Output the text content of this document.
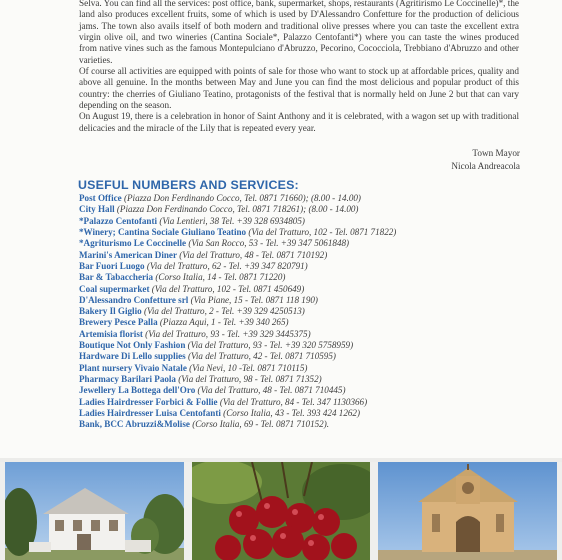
Selva. You can find all the services: post office, bank, supermarket, shops, restaurants (Agritirismo Le Coccinelle)*, the land also produces excellent fruits, some of which is used by D'Alessandro Confetture for the production of delicious jams. The town also avails itself of both modern and traditional olive presses where you can taste the excellent extra virgin olive oil, and two wineries (Cantina Sociale*, Palazzo Centofanti*) where you can taste the wines produced from native vines such as the famous Montepulciano d'Abruzzo, Pecorino, Cococciola, Trebbiano d'Abruzzo and other varieties.

Of course all activities are equipped with points of sale for those who want to stock up at affordable prices, quality and above all genuine. In the months between May and June you can find the most delicious and popular product of this country: the cherries of Giuliano Teatino, protagonists of the festival that is normally held on June 2 but that can vary depending on the season.

On August 19, there is a celebration in honor of Saint Anthony and it is celebrated, with a wagon set up with traditional delicacies and the miracle of the Lily that is repeated every year.

Town Mayor
Nicola Andreacola
USEFUL NUMBERS AND SERVICES:
Post Office (Piazza Don Ferdinando Cocco, Tel. 0871 71660); (8.00 - 14.00)
City Hall (Piazza Don Ferdinando Cocco, Tel. 0871 718261); (8.00 - 14.00)
*Palazzo Centofanti (Via Lentieri, 38 Tel. +39 328 6934805)
*Winery; Cantina Sociale Giuliano Teatino (Via del Tratturo, 102 - Tel. 0871 71822)
*Agriturismo Le Coccinelle (Via San Rocco, 53 - Tel. +39 347 5061848)
Marini's American Diner (Via del Tratturo, 48 - Tel. 0871 710192)
Bar Fuori Luogo (Via del Tratturo, 62 - Tel. +39 347 820791)
Bar & Tabaccheria (Corso Italia, 14 - Tel. 0871 71220)
Coal supermarket (Via del Tratturo, 102 - Tel. 0871 450649)
D'Alessandro Confetture srl (Via Piane, 15 - Tel. 0871 118 190)
Bakery Il Giglio (Via del Tratturo, 2 - Tel. +39 329 4250513)
Brewery Pesce Palla (Piazza Aqui, 1 - Tel. +39 340 265)
Artemisia florist (Via del Tratturo, 93 - Tel. +39 329 3445375)
Boutique Not Only Fashion (Via del Tratturo, 93 - Tel. +39 320 5758959)
Hardware Di Lello supplies (Via del Tratturo, 42 - Tel. 0871 710595)
Plant nursery Vivaio Natale (Via Nevi, 10 -Tel. 0871 710115)
Pharmacy Barilari Paola (Via del Tratturo, 98 - Tel. 0871 71352)
Jewellery La Bottega dell'Oro (Via del Tratturo, 48 - Tel. 0871 710445)
Ladies Hairdresser Forbici & Follie (Via del Tratturo, 84 - Tel. 347 1130366)
Ladies Hairdresser Luisa Centofanti (Corso Italia, 43 - Tel. 393 424 1262)
Bank, BCC Abruzzi&Molise (Corso Italia, 69 - Tel. 0871 710152).
